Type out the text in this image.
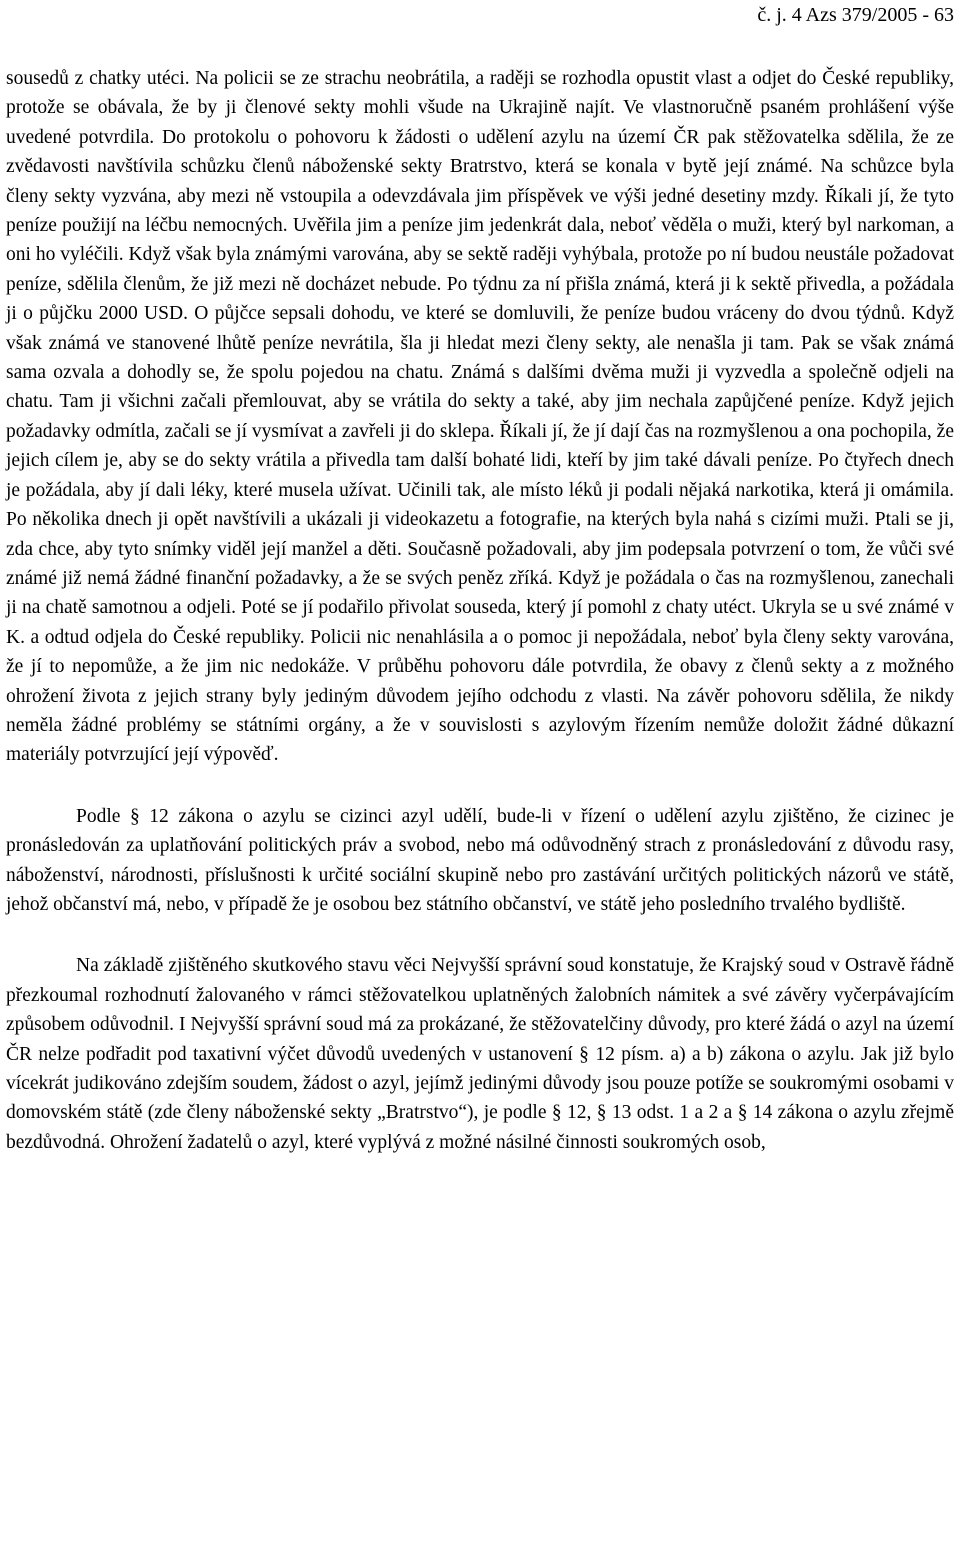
č. j. 4 Azs 379/2005 - 63

sousedů z chatky utéci. Na policii se ze strachu neobrátila, a raději se rozhodla opustit vlast a odjet do České republiky, protože se obávala, že by ji členové sekty mohli všude na Ukrajině najít. Ve vlastnoručně psaném prohlášení výše uvedené potvrdila. Do protokolu o pohovoru k žádosti o udělení azylu na území ČR pak stěžovatelka sdělila, že ze zvědavosti navštívila schůzku členů náboženské sekty Bratrstvo, která se konala v bytě její známé. Na schůzce byla členy sekty vyzvána, aby mezi ně vstoupila a odevzdávala jim příspěvek ve výši jedné desetiny mzdy. Říkali jí, že tyto peníze použijí na léčbu nemocných. Uvěřila jim a peníze jim jedenkrát dala, neboť věděla o muži, který byl narkoman, a oni ho vyléčili. Když však byla známými varována, aby se sektě raději vyhýbala, protože po ní budou neustále požadovat peníze, sdělila členům, že již mezi ně docházet nebude. Po týdnu za ní přišla známá, která ji k sektě přivedla, a požádala ji o půjčku 2000 USD. O půjčce sepsali dohodu, ve které se domluvili, že peníze budou vráceny do dvou týdnů. Když však známá ve stanovené lhůtě peníze nevrátila, šla ji hledat mezi členy sekty, ale nenašla ji tam. Pak se však známá sama ozvala a dohodly se, že spolu pojedou na chatu. Známá s dalšími dvěma muži ji vyzvedla a společně odjeli na chatu. Tam ji všichni začali přemlouvat, aby se vrátila do sekty a také, aby jim nechala zapůjčené peníze. Když jejich požadavky odmítla, začali se jí vysmívat a zavřeli ji do sklepa. Říkali jí, že jí dají čas na rozmyšlenou a ona pochopila, že jejich cílem je, aby se do sekty vrátila a přivedla tam další bohaté lidi, kteří by jim také dávali peníze. Po čtyřech dnech je požádala, aby jí dali léky, které musela užívat. Učinili tak, ale místo léků ji podali nějaká narkotika, která ji omámila. Po několika dnech ji opět navštívili a ukázali ji videokazetu a fotografie, na kterých byla nahá s cizími muži. Ptali se ji, zda chce, aby tyto snímky viděl její manžel a děti. Současně požadovali, aby jim podepsala potvrzení o tom, že vůči své známé již nemá žádné finanční požadavky, a že se svých peněz zříká. Když je požádala o čas na rozmyšlenou, zanechali ji na chatě samotnou a odjeli. Poté se jí podařilo přivolat souseda, který jí pomohl z chaty utéct. Ukryla se u své známé v K. a odtud odjela do České republiky. Policii nic nenahlásila a o pomoc ji nepožádala, neboť byla členy sekty varována, že jí to nepomůže, a že jim nic nedokáže. V průběhu pohovoru dále potvrdila, že obavy z členů sekty a z možného ohrožení života z jejich strany byly jediným důvodem jejího odchodu z vlasti. Na závěr pohovoru sdělila, že nikdy neměla žádné problémy se státními orgány, a že v souvislosti s azylovým řízením nemůže doložit žádné důkazní materiály potvrzující její výpověď.

Podle § 12 zákona o azylu se cizinci azyl udělí, bude-li v řízení o udělení azylu zjištěno, že cizinec je pronásledován za uplatňování politických práv a svobod, nebo má odůvodněný strach z pronásledování z důvodu rasy, náboženství, národnosti, příslušnosti k určité sociální skupině nebo pro zastávání určitých politických názorů ve státě, jehož občanství má, nebo, v případě že je osobou bez státního občanství, ve státě jeho posledního trvalého bydliště.

Na základě zjištěného skutkového stavu věci Nejvyšší správní soud konstatuje, že Krajský soud v Ostravě řádně přezkoumal rozhodnutí žalovaného v rámci stěžovatelkou uplatněných žalobních námitek a své závěry vyčerpávajícím způsobem odůvodnil. I Nejvyšší správní soud má za prokázané, že stěžovatelčiny důvody, pro které žádá o azyl na území ČR nelze podřadit pod taxativní výčet důvodů uvedených v ustanovení § 12 písm. a) a b) zákona o azylu. Jak již bylo vícekrát judikováno zdejším soudem, žádost o azyl, jejímž jedinými důvody jsou pouze potíže se soukromými osobami v domovském státě (zde členy náboženské sekty „Bratrstvo“), je podle § 12, § 13 odst. 1 a 2 a § 14 zákona o azylu zřejmě bezdůvodná. Ohrožení žadatelů o azyl, které vyplývá z možné násilné činnosti soukromých osob,
